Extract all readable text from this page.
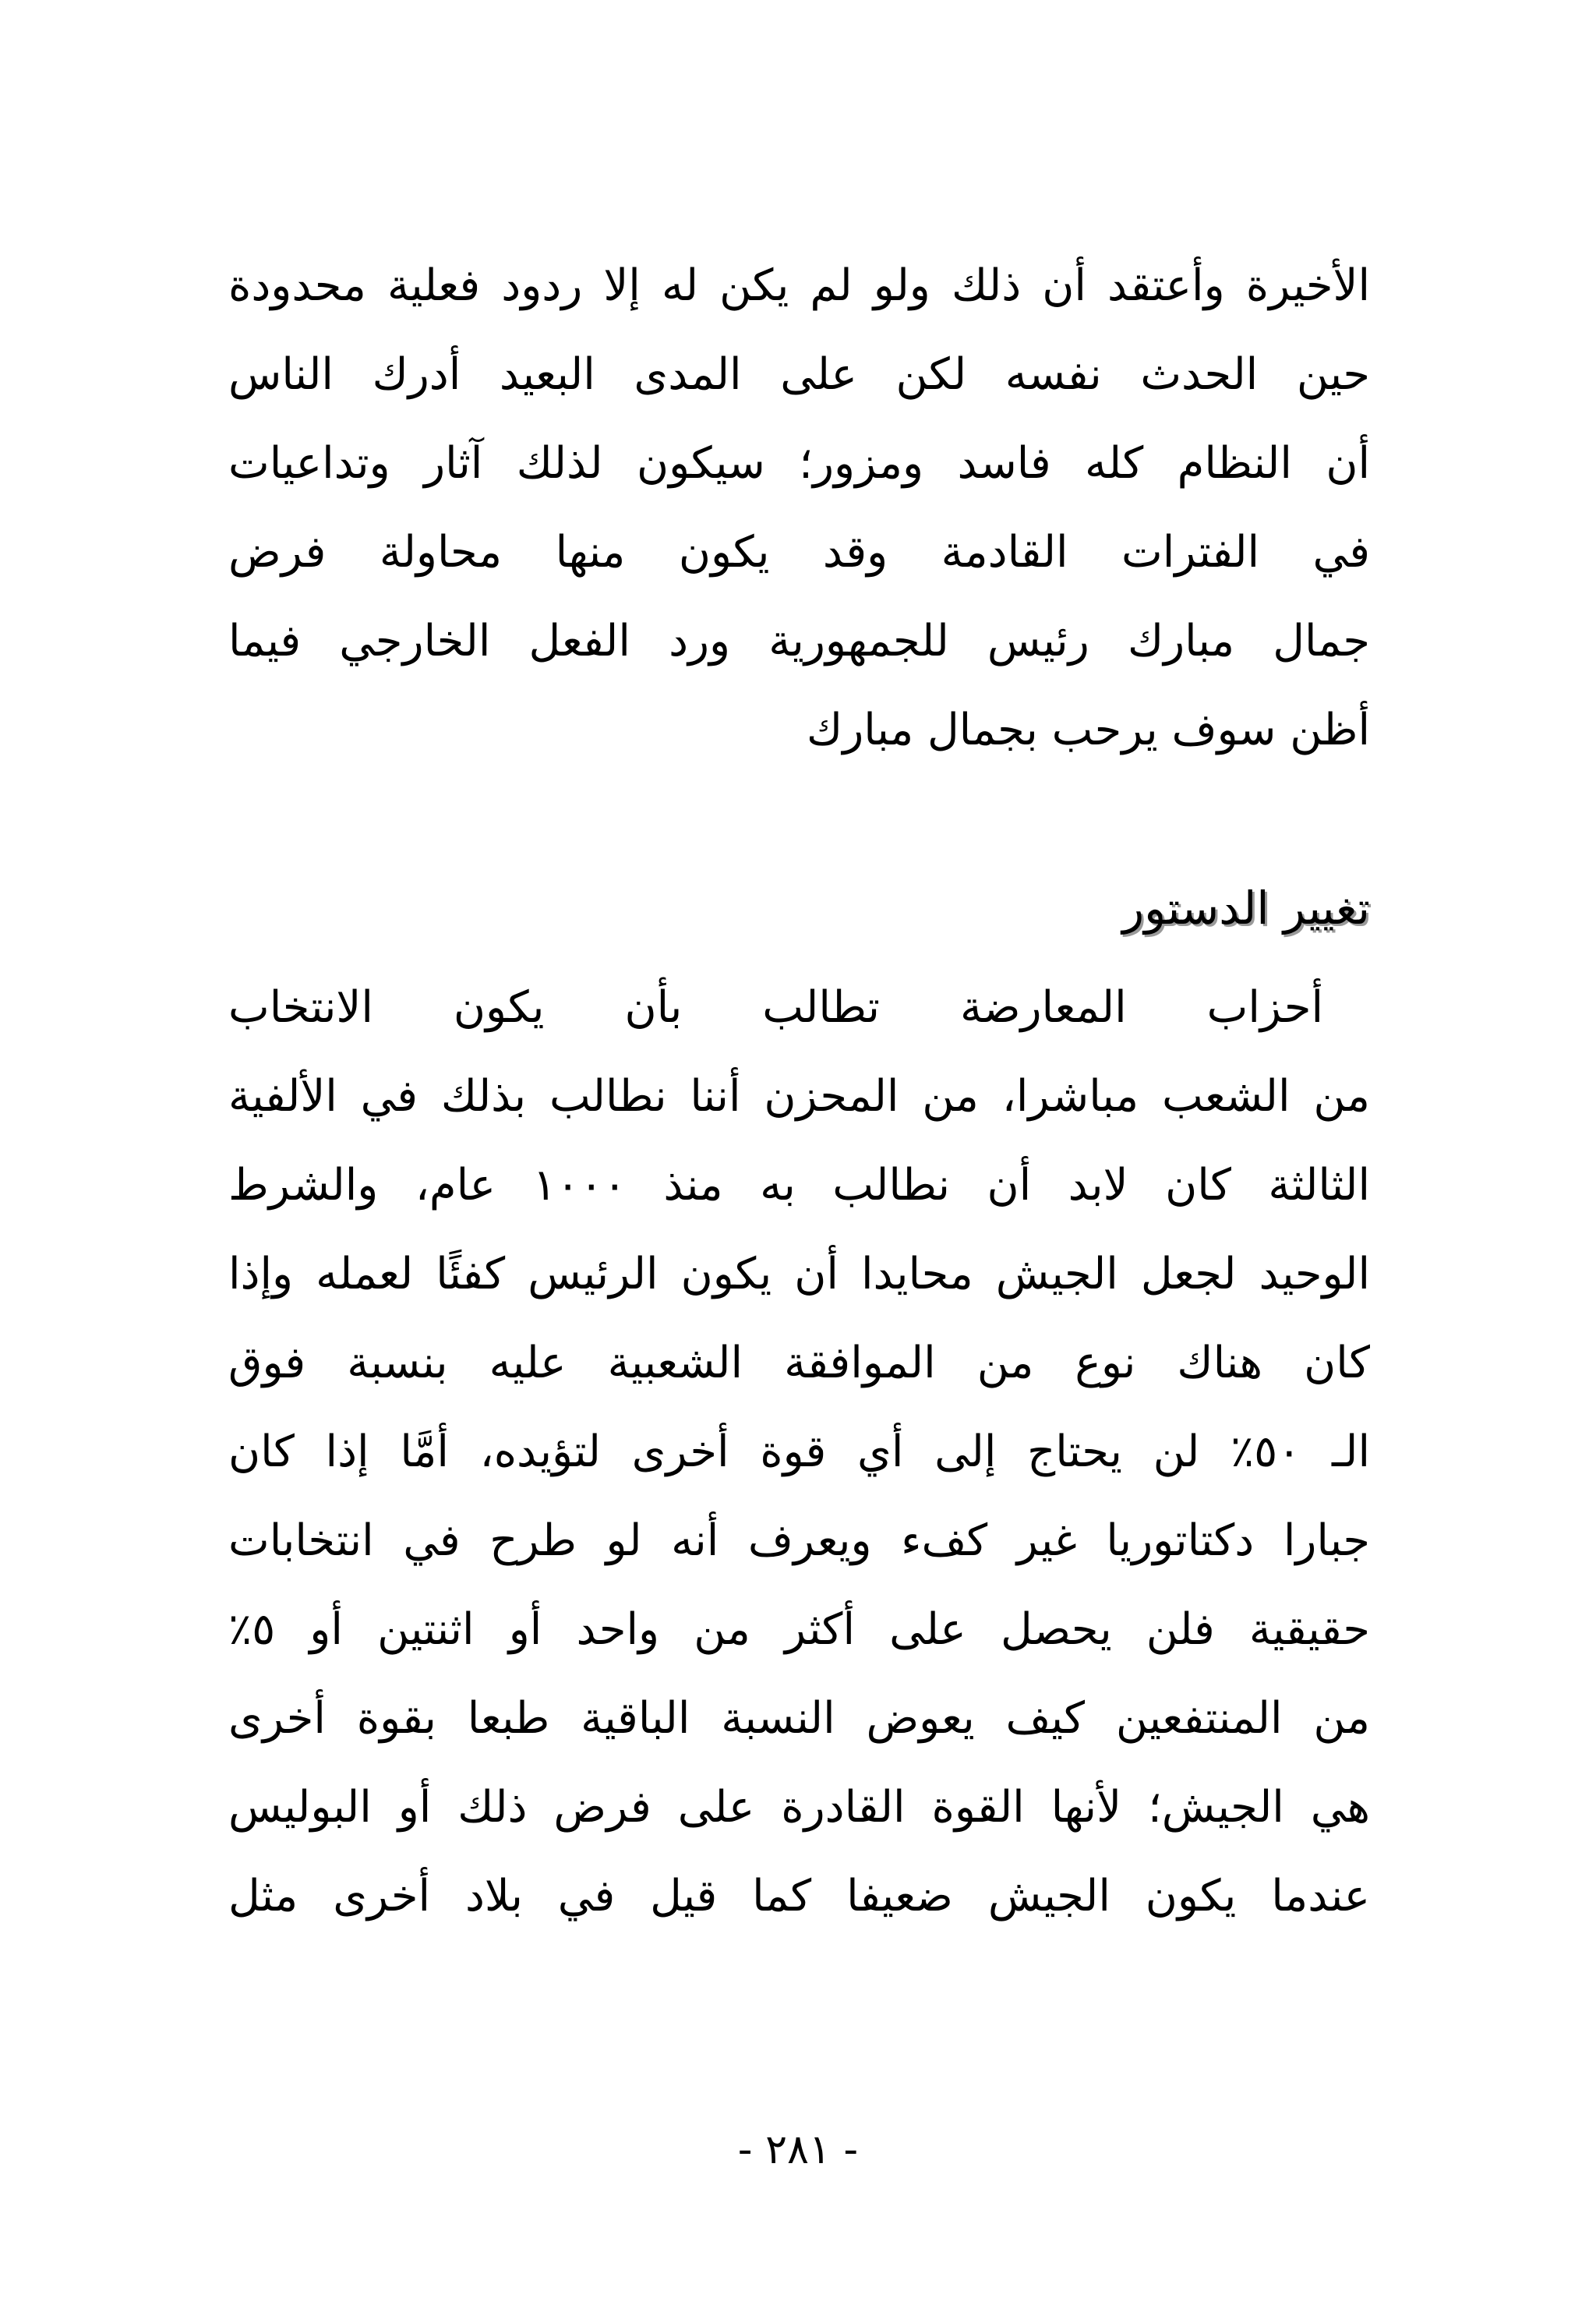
الأخيرة وأعتقد أن ذلك ولو لم يكن له إلا ردود فعلية محدودة
حين الحدث نفسه لكن على المدى البعيد أدرك الناس
أن النظام كله فاسد ومزور؛ سيكون لذلك آثار وتداعيات
في الفترات القادمة وقد يكون منها محاولة فرض
جمال مبارك رئيس للجمهورية ورد الفعل الخارجي فيما
أظن سوف يرحب بجمال مبارك
تغيير الدستور
أحزاب المعارضة تطالب بأن يكون الانتخاب
من الشعب مباشرا، من المحزن أننا نطالب بذلك في الألفية
الثالثة كان لابد أن نطالب به منذ ١٠٠٠ عام، والشرط
الوحيد لجعل الجيش محايدا أن يكون الرئيس كفئًا لعمله وإذا
كان هناك نوع من الموافقة الشعبية عليه بنسبة فوق
الـ ٥٠٪ لن يحتاج إلى أي قوة أخرى لتؤيده، أمَّا إذا كان
جبارا دكتاتوريا غير كفء ويعرف أنه لو طرح في انتخابات
حقيقية فلن يحصل على أكثر من واحد أو اثنتين أو ٥٪
من المنتفعين كيف يعوض النسبة الباقية طبعا بقوة أخرى
هي الجيش؛ لأنها القوة القادرة على فرض ذلك أو البوليس
عندما يكون الجيش ضعيفا كما قيل في بلاد أخرى مثل
- ٢٨١ -
